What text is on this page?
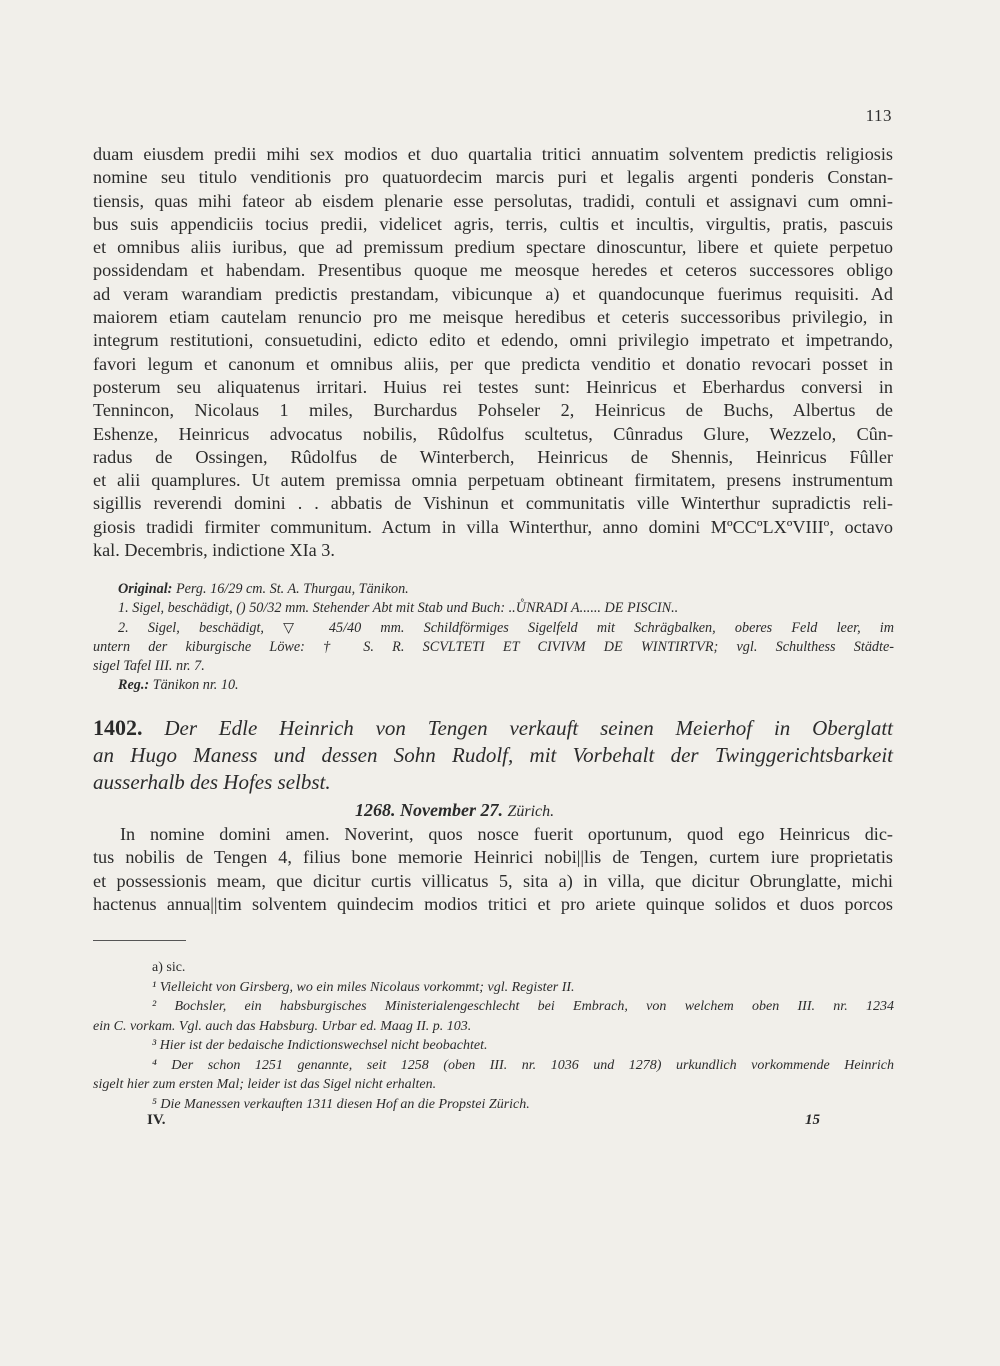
113
duam eiusdem predii mihi sex modios et duo quartalia tritici annuatim solventem predictis religiosis
nomine seu titulo venditionis pro quatuordecim marcis puri et legalis argenti ponderis Constan-
tiensis, quas mihi fateor ab eisdem plenarie esse persolutas, tradidi, contuli et assignavi cum omni-
bus suis appendiciis tocius predii, videlicet agris, terris, cultis et incultis, virgultis, pratis, pascuis
et omnibus aliis iuribus, que ad premissum predium spectare dinoscuntur, libere et quiete perpetuo
possidendam et habendam. Presentibus quoque me meosque heredes et ceteros successores obligo
ad veram warandiam predictis prestandam, vibicunque a) et quandocunque fuerimus requisiti. Ad
maiorem etiam cautelam renuncio pro me meisque heredibus et ceteris successoribus privilegio, in
integrum restitutioni, consuetudini, edicto edito et edendo, omni privilegio impetrato et impetrando,
favori legum et canonum et omnibus aliis, per que predicta venditio et donatio revocari posset in
posterum seu aliquatenus irritari. Huius rei testes sunt: Heinricus et Eberhardus conversi in
Tennincon, Nicolaus 1 miles, Burchardus Pohseler 2, Heinricus de Buchs, Albertus de
Eshenze, Heinricus advocatus nobilis, Rûdolfus scultetus, Cûnradus Glure, Wezzelo, Cûn-
radus de Ossingen, Rûdolfus de Winterberch, Heinricus de Shennis, Heinricus Fûller
et alii quamplures. Ut autem premissa omnia perpetuam obtineant firmitatem, presens instrumentum
sigillis reverendi domini . . abbatis de Vishinun et communitatis ville Winterthur supradictis reli-
giosis tradidi firmiter communitum. Actum in villa Winterthur, anno domini MºCCºLXºVIIIº, octavo
kal. Decembris, indictione XIa 3.
Original: Perg. 16/29 cm. St. A. Thurgau, Tänikon.
1. Sigel, beschädigt, () 50/32 mm. Stehender Abt mit Stab und Buch: ..ŮNRADI A...... DE PISCIN..
2. Sigel, beschädigt, ▽ 45/40 mm. Schildförmiges Sigelfeld mit Schrägbalken, oberes Feld leer, im
untern der kiburgische Löwe: † S. R. SCVLTETI ET CIVIVM DE WINTIRTVR; vgl. Schulthess Städte-
sigel Tafel III. nr. 7.
Reg.: Tänikon nr. 10.
1402. Der Edle Heinrich von Tengen verkauft seinen Meierhof in Oberglatt
an Hugo Maness und dessen Sohn Rudolf, mit Vorbehalt der Twinggerichtsbarkeit
ausserhalb des Hofes selbst.
1268. November 27. Zürich.
In nomine domini amen. Noverint, quos nosce fuerit oportunum, quod ego Heinricus dic-
tus nobilis de Tengen 4, filius bone memorie Heinrici nobi||lis de Tengen, curtem iure proprietatis
et possessionis meam, que dicitur curtis villicatus 5, sita a) in villa, que dicitur Obrunglatte, michi
hactenus annua||tim solventem quindecim modios tritici et pro ariete quinque solidos et duos porcos
a) sic.
¹ Vielleicht von Girsberg, wo ein miles Nicolaus vorkommt; vgl. Register II.
² Bochsler, ein habsburgisches Ministerialengeschlecht bei Embrach, von welchem oben III. nr. 1234
ein C. vorkam. Vgl. auch das Habsburg. Urbar ed. Maag II. p. 103.
³ Hier ist der bedaische Indictionswechsel nicht beobachtet.
⁴ Der schon 1251 genannte, seit 1258 (oben III. nr. 1036 und 1278) urkundlich vorkommende Heinrich
sigelt hier zum ersten Mal; leider ist das Sigel nicht erhalten.
⁵ Die Manessen verkauften 1311 diesen Hof an die Propstei Zürich.
IV.	15
